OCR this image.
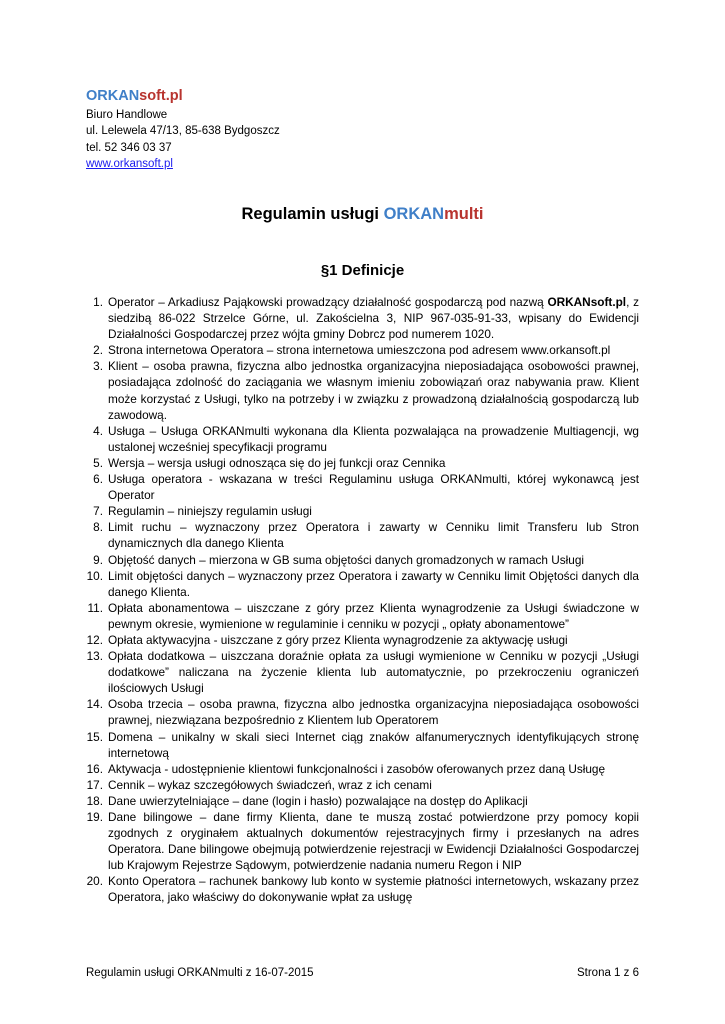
ORKANsoft.pl
Biuro Handlowe
ul. Lelewela 47/13, 85-638 Bydgoszcz
tel. 52 346 03 37
www.orkansoft.pl
Regulamin usługi ORKANmulti
§1 Definicje
1. Operator – Arkadiusz Pająkowski prowadzący działalność gospodarczą pod nazwą ORKANsoft.pl, z siedzibą 86-022 Strzelce Górne, ul. Zakościelna 3, NIP 967-035-91-33, wpisany do Ewidencji Działalności Gospodarczej przez wójta gminy Dobrcz pod numerem 1020.
2. Strona internetowa Operatora – strona internetowa umieszczona pod adresem www.orkansoft.pl
3. Klient – osoba prawna, fizyczna albo jednostka organizacyjna nieposiadająca osobowości prawnej, posiadająca zdolność do zaciągania we własnym imieniu zobowiązań oraz nabywania praw. Klient może korzystać z Usługi, tylko na potrzeby i w związku z prowadzoną działalnością gospodarczą lub zawodową.
4. Usługa – Usługa ORKANmulti wykonana dla Klienta pozwalająca na prowadzenie Multiagencji, wg ustalonej wcześniej specyfikacji programu
5. Wersja – wersja usługi odnosząca się do jej funkcji oraz Cennika
6. Usługa operatora - wskazana w treści Regulaminu usługa ORKANmulti, której wykonawcą jest Operator
7. Regulamin – niniejszy regulamin usługi
8. Limit ruchu – wyznaczony przez Operatora i zawarty w Cenniku limit Transferu lub Stron dynamicznych dla danego Klienta
9. Objętość danych – mierzona w GB suma objętości danych gromadzonych w ramach Usługi
10. Limit objętości danych – wyznaczony przez Operatora i zawarty w Cenniku limit Objętości danych dla danego Klienta.
11. Opłata abonamentowa – uiszczane z góry przez Klienta wynagrodzenie za Usługi świadczone w pewnym okresie, wymienione w regulaminie i cenniku w pozycji „ opłaty abonamentowe”
12. Opłata aktywacyjna - uiszczane z góry przez Klienta wynagrodzenie za aktywację usługi
13. Opłata dodatkowa – uiszczana doraźnie opłata za usługi wymienione w Cenniku w pozycji „Usługi dodatkowe” naliczana na życzenie klienta lub automatycznie, po przekroczeniu ograniczeń ilościowych Usługi
14. Osoba trzecia – osoba prawna, fizyczna albo jednostka organizacyjna nieposiadająca osobowości prawnej, niezwiązana bezpośrednio z Klientem lub Operatorem
15. Domena – unikalny w skali sieci Internet ciąg znaków alfanumerycznych identyfikujących stronę internetową
16. Aktywacja - udostępnienie klientowi funkcjonalności i zasobów oferowanych przez daną Usługę
17. Cennik – wykaz szczegółowych świadczeń, wraz z ich cenami
18. Dane uwierzytelniające – dane (login i hasło) pozwalające na dostęp do Aplikacji
19. Dane bilingowe – dane firmy Klienta, dane te muszą zostać potwierdzone przy pomocy kopii zgodnych z oryginałem aktualnych dokumentów rejestracyjnych firmy i przesłanych na adres Operatora. Dane bilingowe obejmują potwierdzenie rejestracji w Ewidencji Działalności Gospodarczej lub Krajowym Rejestrze Sądowym, potwierdzenie nadania numeru Regon i NIP
20. Konto Operatora – rachunek bankowy lub konto w systemie płatności internetowych, wskazany przez Operatora, jako właściwy do dokonywanie wpłat za usługę
Regulamin usługi ORKANmulti z 16-07-2015	Strona 1 z 6
